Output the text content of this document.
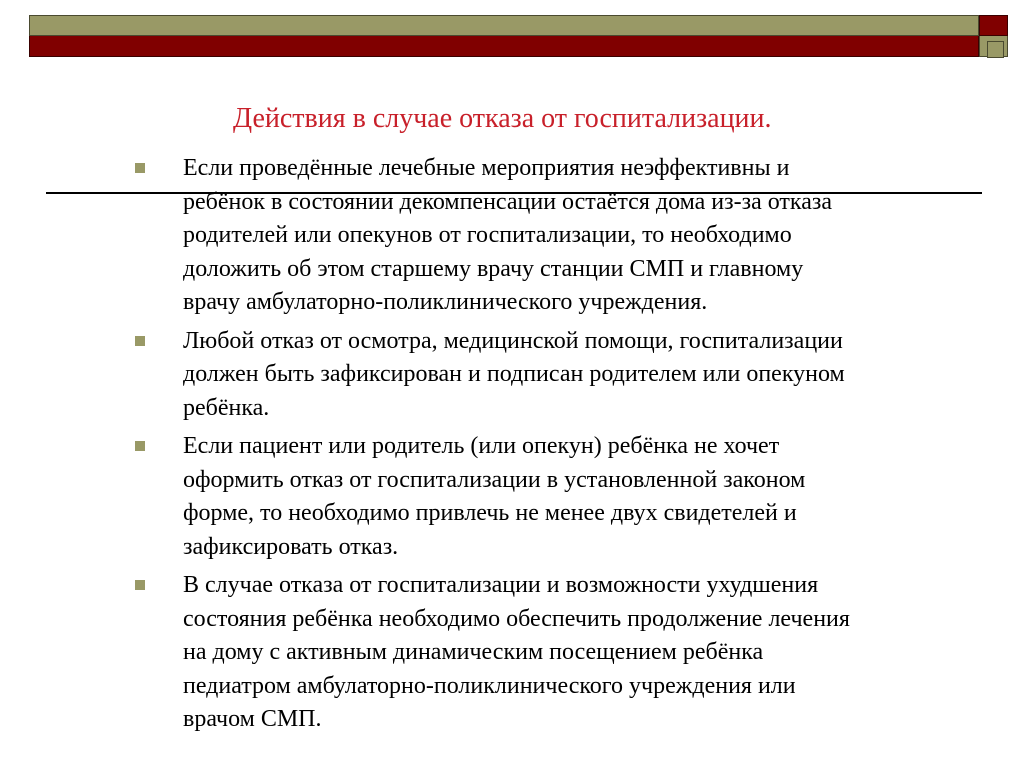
Действия в случае отказа от госпитализации.
Если проведённые лечебные мероприятия неэффективны и
ребёнок в состоянии декомпенсации остаётся дома из-за отказа
родителей или опекунов от госпитализации, то необходимо
доложить об этом старшему врачу станции СМП и главному
врачу амбулаторно-поликлинического учреждения.
Любой отказ от осмотра, медицинской помощи, госпитализации
должен быть зафиксирован и подписан родителем или опекуном
ребёнка.
Если пациент или родитель (или опекун) ребёнка не хочет
оформить отказ от госпитализации в установленной законом
форме, то необходимо привлечь не менее двух свидетелей и
зафиксировать отказ.
В случае отказа от госпитализации и возможности ухудшения
состояния ребёнка необходимо обеспечить продолжение лечения
на дому с активным динамическим посещением ребёнка
педиатром амбулаторно-поликлинического учреждения или
врачом СМП.
